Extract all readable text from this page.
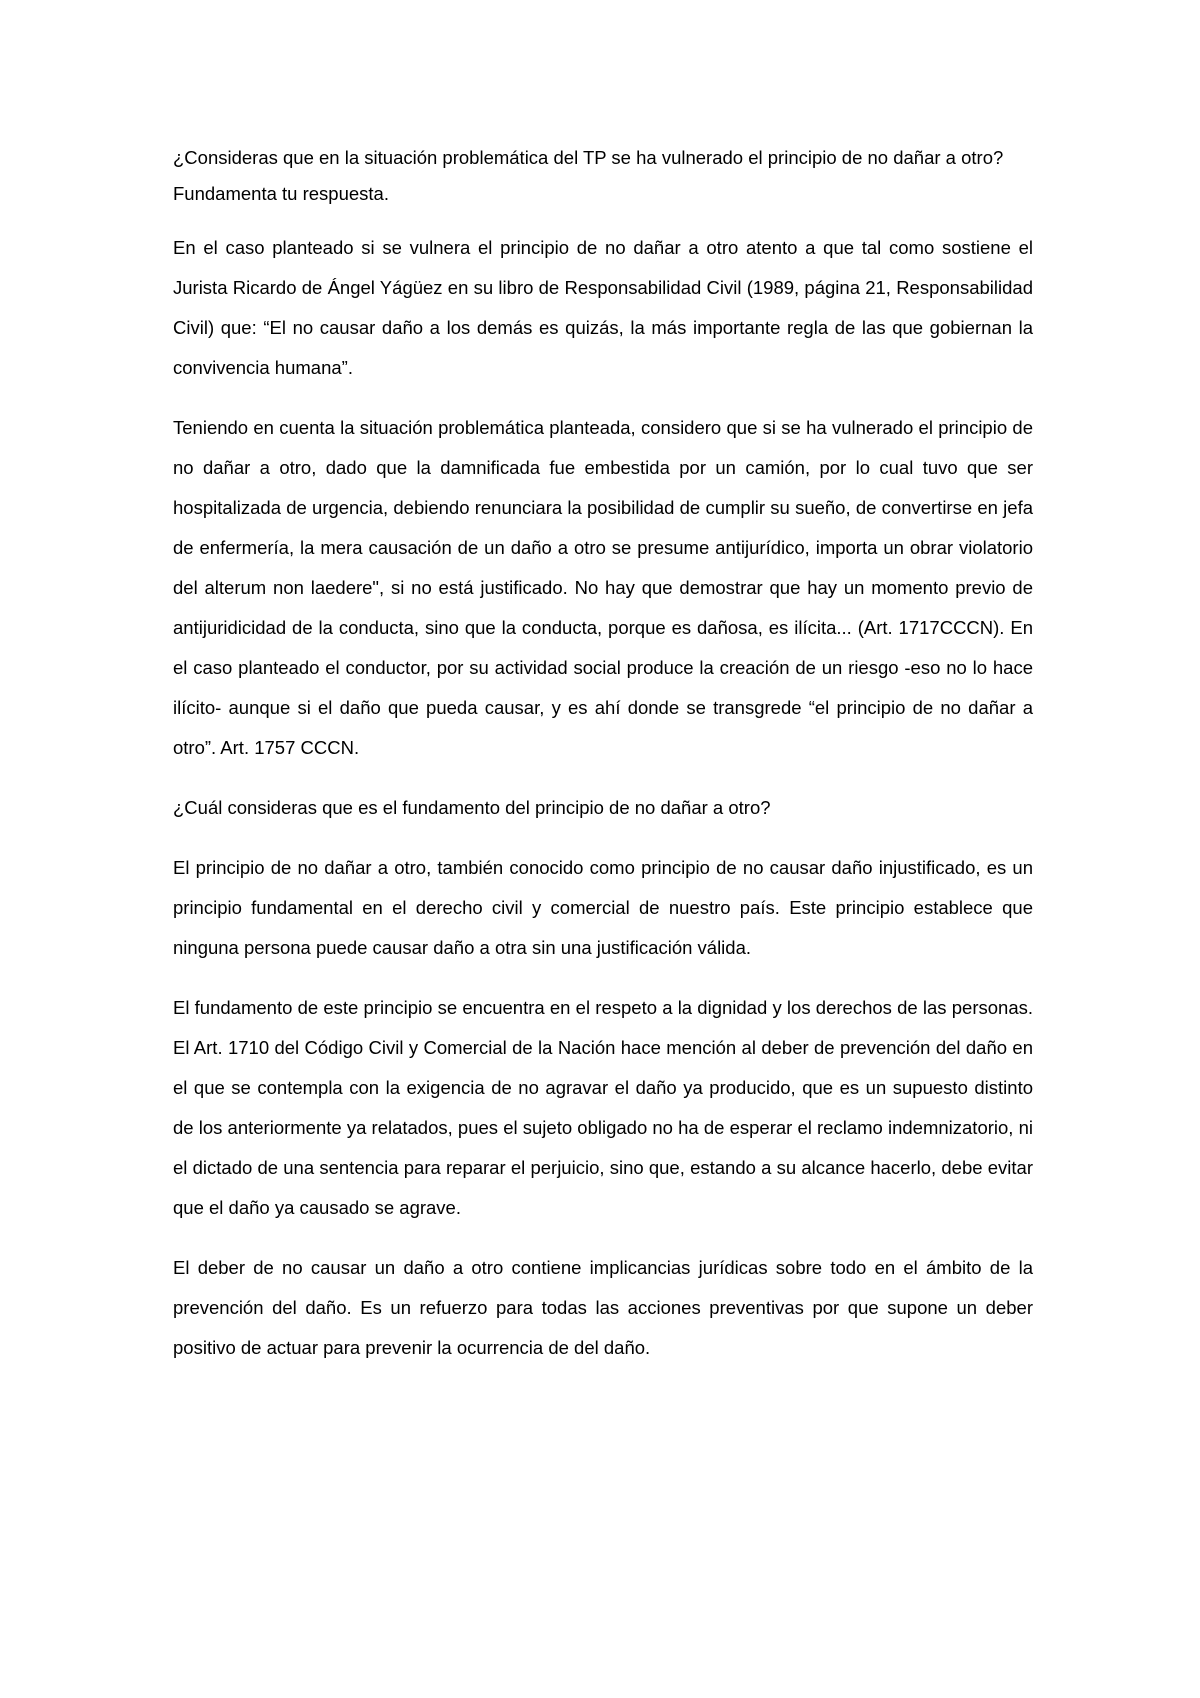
¿Consideras que en la situación problemática del TP se ha vulnerado el principio de no dañar a otro? Fundamenta tu respuesta.

En el caso planteado si se vulnera el principio de no dañar a otro atento a que tal como sostiene el Jurista Ricardo de Ángel Yágüez en su libro de Responsabilidad Civil (1989, página 21, Responsabilidad Civil) que: “El no causar daño a los demás es quizás, la más importante regla de las que gobiernan la convivencia humana”.

Teniendo en cuenta la situación problemática planteada, considero que si se ha vulnerado el principio de no dañar a otro, dado que la damnificada fue embestida por un camión, por lo cual tuvo que ser hospitalizada de urgencia, debiendo renunciara la posibilidad de cumplir su sueño, de convertirse en jefa de enfermería, la mera causación de un daño a otro se presume antijurídico, importa un obrar violatorio del alterum non laedere", si no está justificado. No hay que demostrar que hay un momento previo de antijuridicidad de la conducta, sino que la conducta, porque es dañosa, es ilícita... (Art. 1717CCCN). En el caso planteado el conductor, por su actividad social produce la creación de un riesgo -eso no lo hace ilícito- aunque si el daño que pueda causar, y es ahí donde se transgrede “el principio de no dañar a otro”. Art. 1757 CCCN.

¿Cuál consideras que es el fundamento del principio de no dañar a otro?

El principio de no dañar a otro, también conocido como principio de no causar daño injustificado, es un principio fundamental en el derecho civil y comercial de nuestro país. Este principio establece que ninguna persona puede causar daño a otra sin una justificación válida.

El fundamento de este principio se encuentra en el respeto a la dignidad y los derechos de las personas. El Art. 1710 del Código Civil y Comercial de la Nación hace mención al deber de prevención del daño en el que se contempla con la exigencia de no agravar el daño ya producido, que es un supuesto distinto de los anteriormente ya relatados, pues el sujeto obligado no ha de esperar el reclamo indemnizatorio, ni el dictado de una sentencia para reparar el perjuicio, sino que, estando a su alcance hacerlo, debe evitar que el daño ya causado se agrave.

El deber de no causar un daño a otro contiene implicancias jurídicas sobre todo en el ámbito de la prevención del daño. Es un refuerzo para todas las acciones preventivas por que supone un deber positivo de actuar para prevenir la ocurrencia de del daño.
